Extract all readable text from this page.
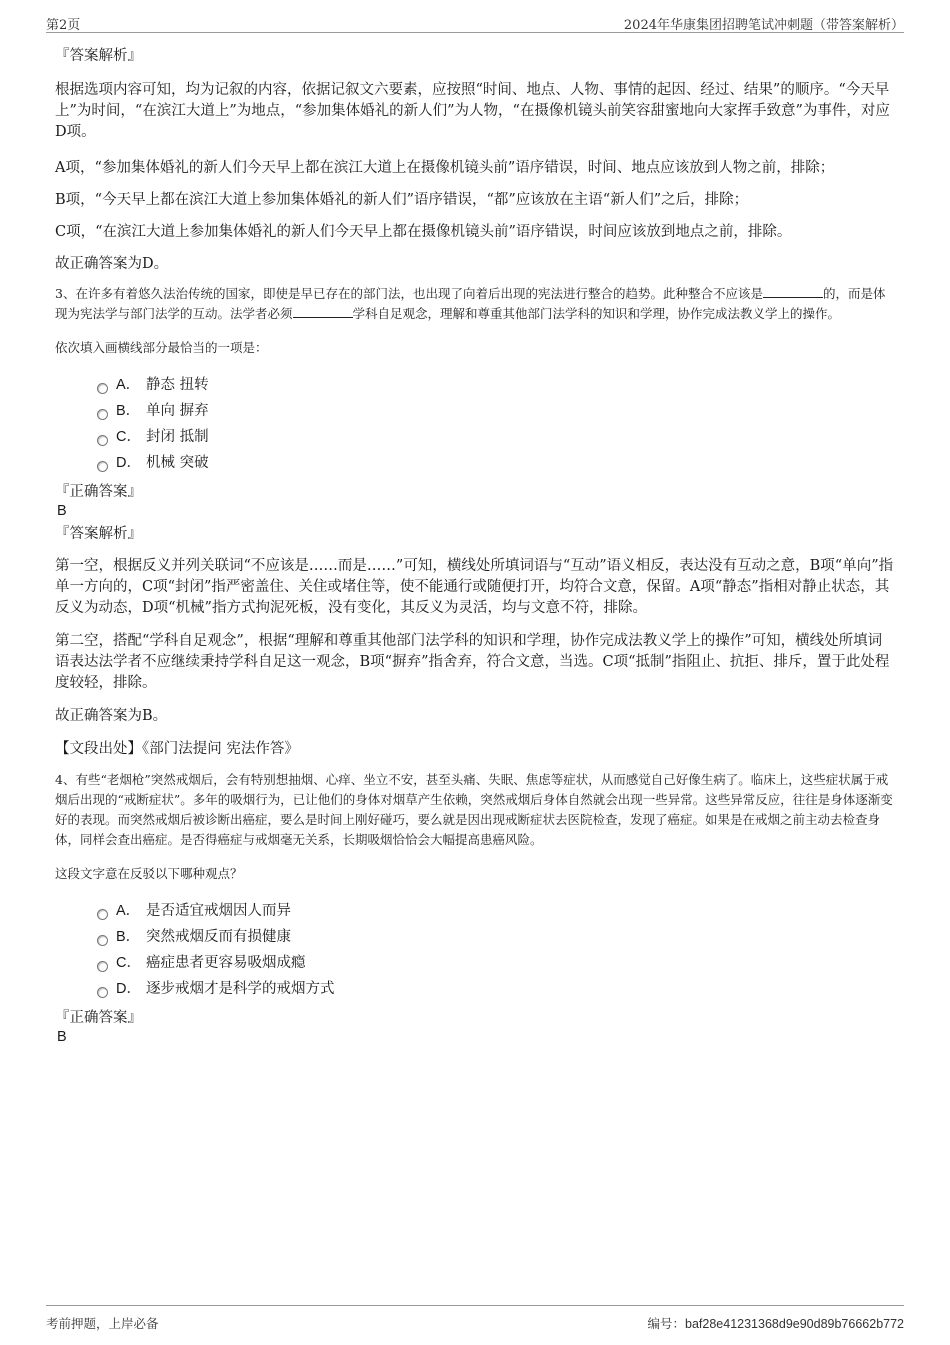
第2页	2024年华康集团招聘笔试冲刺题（带答案解析）

『答案解析』

根据选项内容可知，均为记叙的内容，依据记叙文六要素，应按照“时间、地点、人物、事情的起因、经过、结果”的顺序。“今天早上”为时间，“在滨江大道上”为地点，“参加集体婚礼的新人们”为人物，“在摄像机镜头前笑容甜蜜地向大家挥手致意”为事件，对应D项。

A项，“参加集体婚礼的新人们今天早上都在滨江大道上在摄像机镜头前”语序错误，时间、地点应该放到人物之前，排除；

B项，“今天早上都在滨江大道上参加集体婚礼的新人们”语序错误，“都”应该放在主语“新人们”之后，排除；

C项，“在滨江大道上参加集体婚礼的新人们今天早上都在摄像机镜头前”语序错误，时间应该放到地点之前，排除。

故正确答案为D。

3、在许多有着悠久法治传统的国家，即使是早已存在的部门法，也出现了向着后出现的宪法进行整合的趋势。此种整合不应该是	的，而是体现为宪法学与部门法学的互动。法学者必须	学科自足观念，理解和尊重其他部门法学科的知识和学理，协作完成法教义学上的操作。

依次填入画横线部分最恰当的一项是：

A． 静态 扭转
B． 单向 摒弃
C． 封闭 抵制
D． 机械 突破

『正确答案』

B

『答案解析』

第一空，根据反义并列关联词“不应该是……而是……”可知，横线处所填词语与“互动”语义相反，表达没有互动之意，B项“单向”指单一方向的，C项“封闭”指严密盖住、关住或堵住等，使不能通行或随便打开，均符合文意，保留。A项“静态”指相对静止状态，其反义为动态，D项“机械”指方式拘泥死板，没有变化，其反义为灵活，均与文意不符，排除。

第二空，搭配“学科自足观念”，根据“理解和尊重其他部门法学科的知识和学理，协作完成法教义学上的操作”可知，横线处所填词语表达法学者不应继续秉持学科自足这一观念，B项“摒弃”指舍弃，符合文意，当选。C项“抵制”指阻止、抗拒、排斥，置于此处程度较轻，排除。

故正确答案为B。

【文段出处】《部门法提问 宪法作答》

4、有些“老烟枪”突然戒烟后，会有特别想抽烟、心痒、坐立不安，甚至头痛、失眠、焦虑等症状，从而感觉自己好像生病了。临床上，这些症状属于戒烟后出现的“戒断症状”。多年的吸烟行为，已让他们的身体对烟草产生依赖，突然戒烟后身体自然就会出现一些异常。这些异常反应，往往是身体逐渐变好的表现。而突然戒烟后被诊断出癌症，要么是时间上刚好碰巧，要么就是因出现戒断症状去医院检查，发现了癌症。如果是在戒烟之前主动去检查身体，同样会查出癌症。是否得癌症与戒烟毫无关系，长期吸烟恰恰会大幅提高患癌风险。

这段文字意在反驳以下哪种观点？

A． 是否适宜戒烟因人而异
B． 突然戒烟反而有损健康
C． 癌症患者更容易吸烟成瘾
D． 逐步戒烟才是科学的戒烟方式

『正确答案』

B

考前押题，上岸必备	编号：baf28e41231368d9e90d89b76662b772
